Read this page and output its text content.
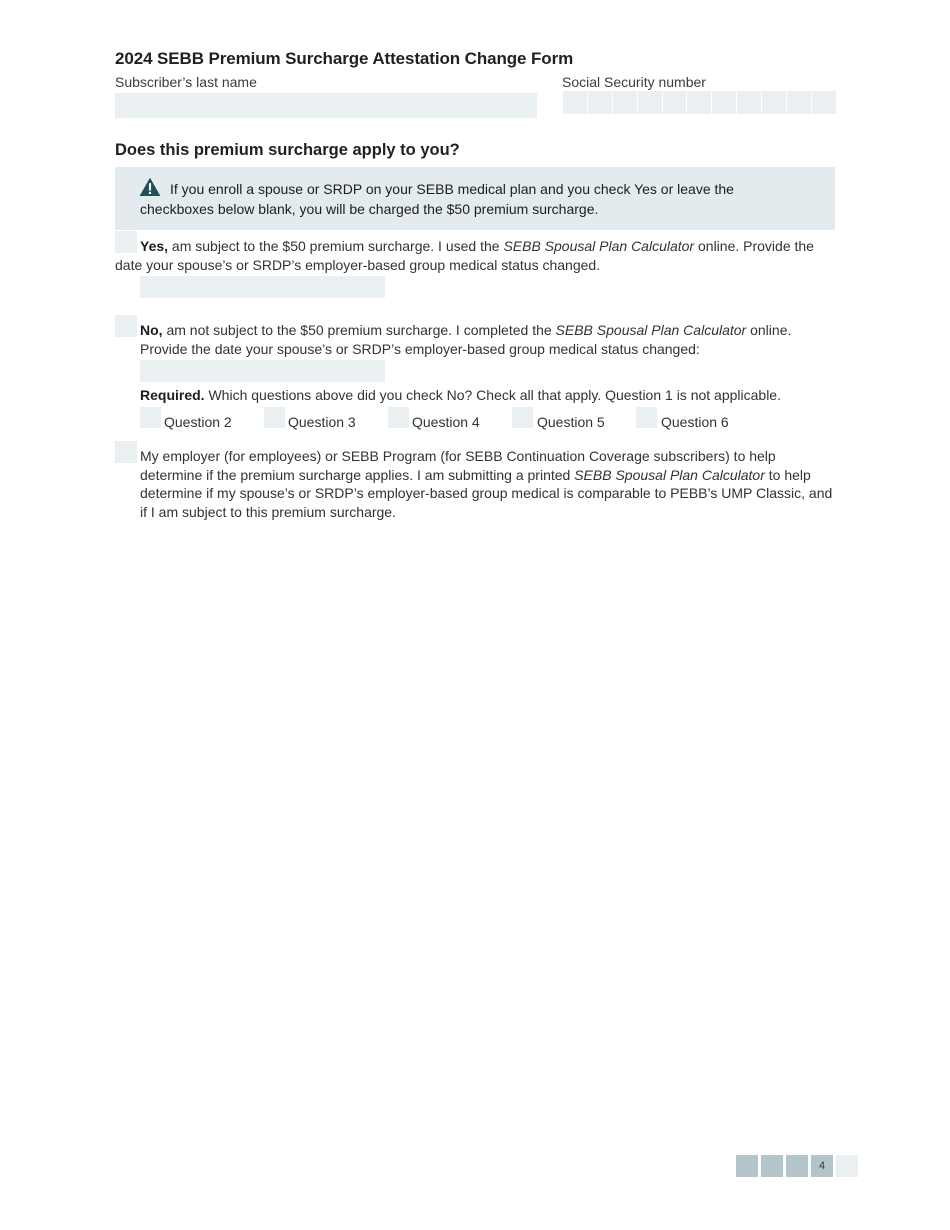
2024 SEBB Premium Surcharge Attestation Change Form
Subscriber’s last name	Social Security number
Does this premium surcharge apply to you?
If you enroll a spouse or SRDP on your SEBB medical plan and you check Yes or leave the checkboxes below blank, you will be charged the $50 premium surcharge.
Yes, am subject to the $50 premium surcharge. I used the SEBB Spousal Plan Calculator online. Provide the date your spouse’s or SRDP’s employer-based group medical status changed.
No, am not subject to the $50 premium surcharge. I completed the SEBB Spousal Plan Calculator online. Provide the date your spouse’s or SRDP’s employer-based group medical status changed:
Required. Which questions above did you check No? Check all that apply. Question 1 is not applicable.
Question 2	Question 3	Question 4	Question 5	Question 6
My employer (for employees) or SEBB Program (for SEBB Continuation Coverage subscribers) to help determine if the premium surcharge applies. I am submitting a printed SEBB Spousal Plan Calculator to help determine if my spouse’s or SRDP’s employer-based group medical is comparable to PEBB’s UMP Classic, and if I am subject to this premium surcharge.
4
